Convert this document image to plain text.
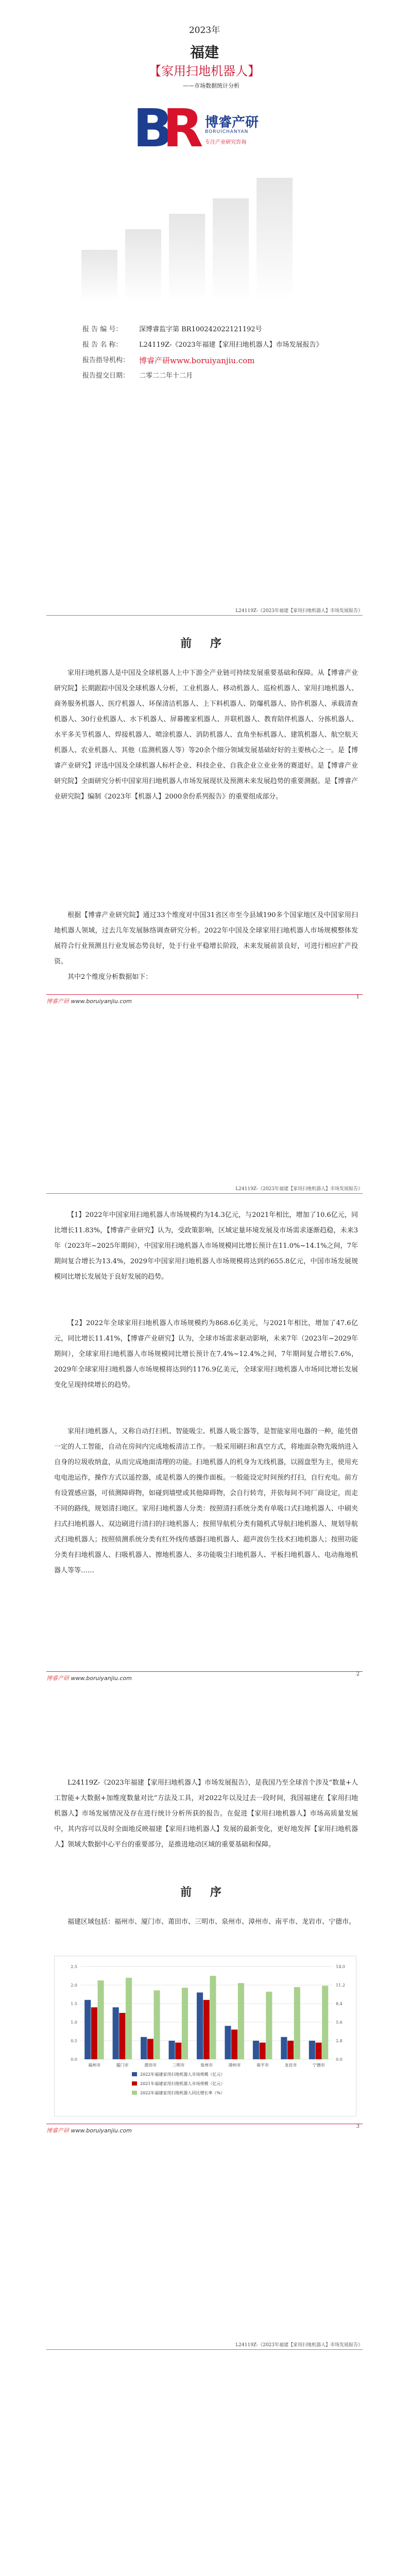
2023年
福建
【家用扫地机器人】
——市场数据统计分析
B
R 博睿产研
BORUICHANYAN
专注产业研究咨询
报 告 编 号：	深博睿监字第 BR100242022121192号
报 告 名 称：	L24119Z-《2023年福建【家用扫地机器人】市场发展报告》
报告指导机构：	博睿产研www.boruiyanjiu.com
报告提交日期：	二零二二年十二月
L24119Z-《2023年福建【家用扫地机器人】市场发展报告》
前 序
家用扫地机器人是中国及全球机器人上中下游全产业链可持续发展重要基础和保障。从【博睿产业研究院】长期跟踪中国及全球机器人分析，工业机器人、移动机器人、巡检机器人、家用扫地机器人、商务服务机器人、医疗机器人、环保清洁机器人、上下料机器人、防爆机器人、协作机器人、承载清查机器人、30行业机器人、水下机器人、屏幕搬家机器人、并联机器人、教育陪伴机器人、分拣机器人、水平多关节机器人、焊接机器人、喷涂机器人、消防机器人、直角坐标机器人、建筑机器人、航空航天机器人、农业机器人、其他（监测机器人等）等20余个细分领域发展基础好好的主要核心之一。是【博睿产业研究】评选中国及全球机器人标杆企业、科技企业、自我企业立业业务的赛道好。是【博睿产业研究院】全面研究分析中国家用扫地机器人市场发展现状及预测未来发展趋势的重要测据。是【博睿产业研究院】编制《2023年【机器人】2000余份系列报告》的重要组成部分。
根据【博睿产业研究院】通过33个维度对中国31省区市至今县域190多个国家地区及中国家用扫地机器人领域，过去几年发展脉络调查研究分析。2022年中国及全球家用扫地机器人市场规模整体发展符合行业预测且行业发展态势良好，处于行业平稳增长阶段，未来发展前景良好，可进行相应扩产投资。
其中2个维度分析数据如下：
博睿产研 www.boruiyanjiu.com
1
L24119Z-《2023年福建【家用扫地机器人】市场发展报告》
【1】2022年中国家用扫地机器人市场规模约为14.3亿元，与2021年相比，增加了10.6亿元，同比增长11.83%，【博睿产业研究】认为，受政策影响，区域定量环境发展及市场需求逐渐趋稳，未来3年（2023年~2025年期间），中国家用扫地机器人市场规模同比增长预计在11.0%~14.1%之间，7年期间复合增长为13.4%，2029年中国家用扫地机器人市场规模将达到约655.8亿元，中国市场发展规模同比增长发展处于良好发展的趋势。
【2】2022年全球家用扫地机器人市场规模约为868.6亿美元，与2021年相比，增加了47.6亿元，同比增长11.41%，【博睿产业研究】认为，全球市场需求驱动影响，未来7年（2023年~2029年期间），全球家用扫地机器人市场规模同比增长预计在7.4%~12.4%之间，7年期间复合增长7.6%，2029年全球家用扫地机器人市场规模将达到约1176.9亿美元，全球家用扫地机器人市场同比增长发展变化呈现持续增长的趋势。
家用扫地机器人，又称自动打扫机、智能吸尘、机器人吸尘器等，是智能家用电器的一种，能凭借一定的人工智能，自动在房间内完成地板清洁工作。一般采用刷扫和真空方式，将地面杂物先吸纳进入自身的垃圾收纳盒，从而完成地面清理的功能。扫地机器人的机身为无线机器，以圆盘型为主，使用充电电池运作，操作方式以遥控器，或是机器人的操作面板。一般能设定时间预约打扫，自行充电。前方有设置感应器，可侦测障碍物，如碰到墙壁或其他障碍物，会自行转弯，并依每间不同厂商设定，而走不同的路线，规划清扫地区。家用扫地机器人分类：按照清扫系统分类有单吸口式扫地机器人、中刷夹扫式扫地机器人、双边刷进行清扫的扫地机器人；按照导航机分类有随机式导航扫地机器人、规划导航式扫地机器人；按照侦测系统分类有红外线传感器扫地机器人、超声波仿生技术扫地机器人；按照功能分类有扫地机器人、扫吸机器人、擦地机器人、多功能吸尘扫地机器人、平板扫地机器人、电动拖地机器人等等……
博睿产研 www.boruiyanjiu.com
2
L24119Z-《2023年福建【家用扫地机器人】市场发展报告》，是我国乃至全球首个涉及“数量+人工智能+大数据+加维度数量对比”方法及工具，对2022年以及过去一段时间，我国福建在【家用扫地机器人】市场发展情况及存在进行统计分析所获的报告。在促进【家用扫地机器人】市场高质量发展中，其内容可以及时全面地反映福建【家用扫地机器人】发展的最新变化，更好地发挥【家用扫地机器人】领域大数据中心平台的重要部分，是推进地动区域的重要基础和保障。
前 序
福建区域包括：福州市、厦门市、莆田市、三明市、泉州市、漳州市、南平市、龙岩市、宁德市。
0.0	0.0
0.5	2.8
1.0	5.6
1.5	8.4
2.0	11.2
2.5	14.0
福州市	厦门市	莆田市	三明市	泉州市	漳州市	南平市	龙岩市	宁德市
2022年福建家用扫地机器人市场规模（亿元）
2021年福建家用扫地机器人市场规模（亿元）
2022年福建家用扫地机器人同比增长率（%）
博睿产研 www.boruiyanjiu.com
3
L24119Z-《2023年福建【家用扫地机器人】市场发展报告》
